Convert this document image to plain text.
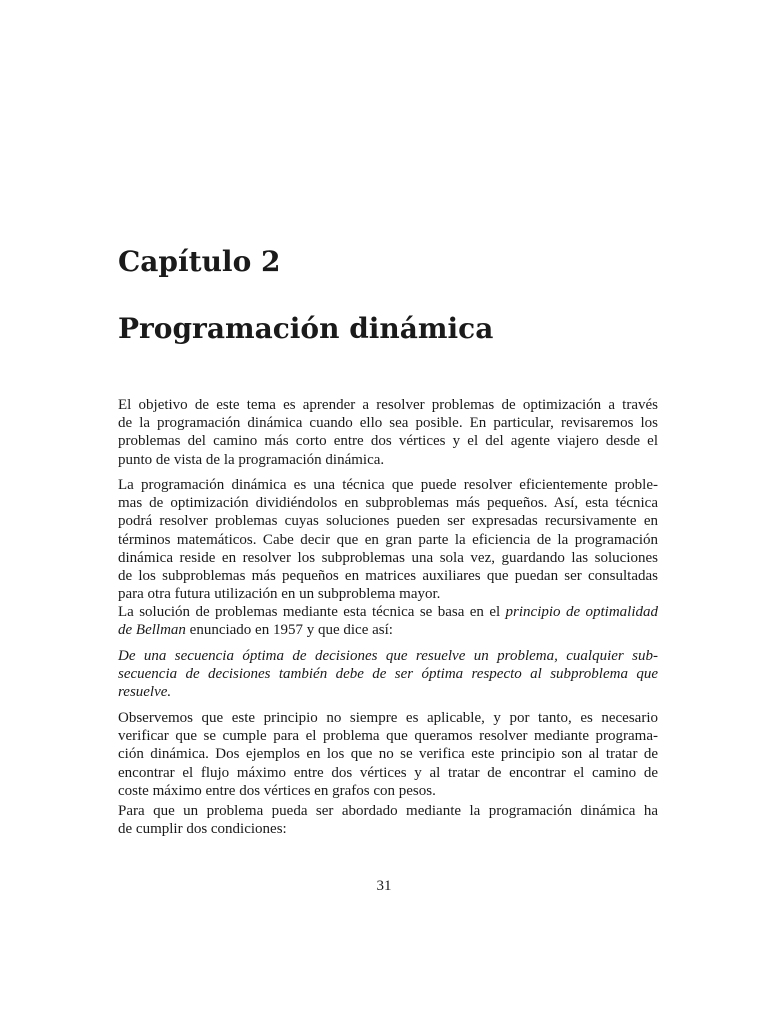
Capítulo 2
Programación dinámica

El objetivo de este tema es aprender a resolver problemas de optimización a través
de la programación dinámica cuando ello sea posible. En particular, revisaremos los
problemas del camino más corto entre dos vértices y el del agente viajero desde el
punto de vista de la programación dinámica.

La programación dinámica es una técnica que puede resolver eficientemente proble-
mas de optimización dividiéndolos en subproblemas más pequeños. Así, esta técnica
podrá resolver problemas cuyas soluciones pueden ser expresadas recursivamente en
términos matemáticos. Cabe decir que en gran parte la eficiencia de la programación
dinámica reside en resolver los subproblemas una sola vez, guardando las soluciones
de los subproblemas más pequeños en matrices auxiliares que puedan ser consultadas
para otra futura utilización en un subproblema mayor.

La solución de problemas mediante esta técnica se basa en el principio de optimalidad
de Bellman enunciado en 1957 y que dice así:

De una secuencia óptima de decisiones que resuelve un problema, cualquier sub-
secuencia de decisiones también debe de ser óptima respecto al subproblema que
resuelve.

Observemos que este principio no siempre es aplicable, y por tanto, es necesario
verificar que se cumple para el problema que queramos resolver mediante programa-
ción dinámica. Dos ejemplos en los que no se verifica este principio son al tratar de
encontrar el flujo máximo entre dos vértices y al tratar de encontrar el camino de
coste máximo entre dos vértices en grafos con pesos.

Para que un problema pueda ser abordado mediante la programación dinámica ha
de cumplir dos condiciones:

31
